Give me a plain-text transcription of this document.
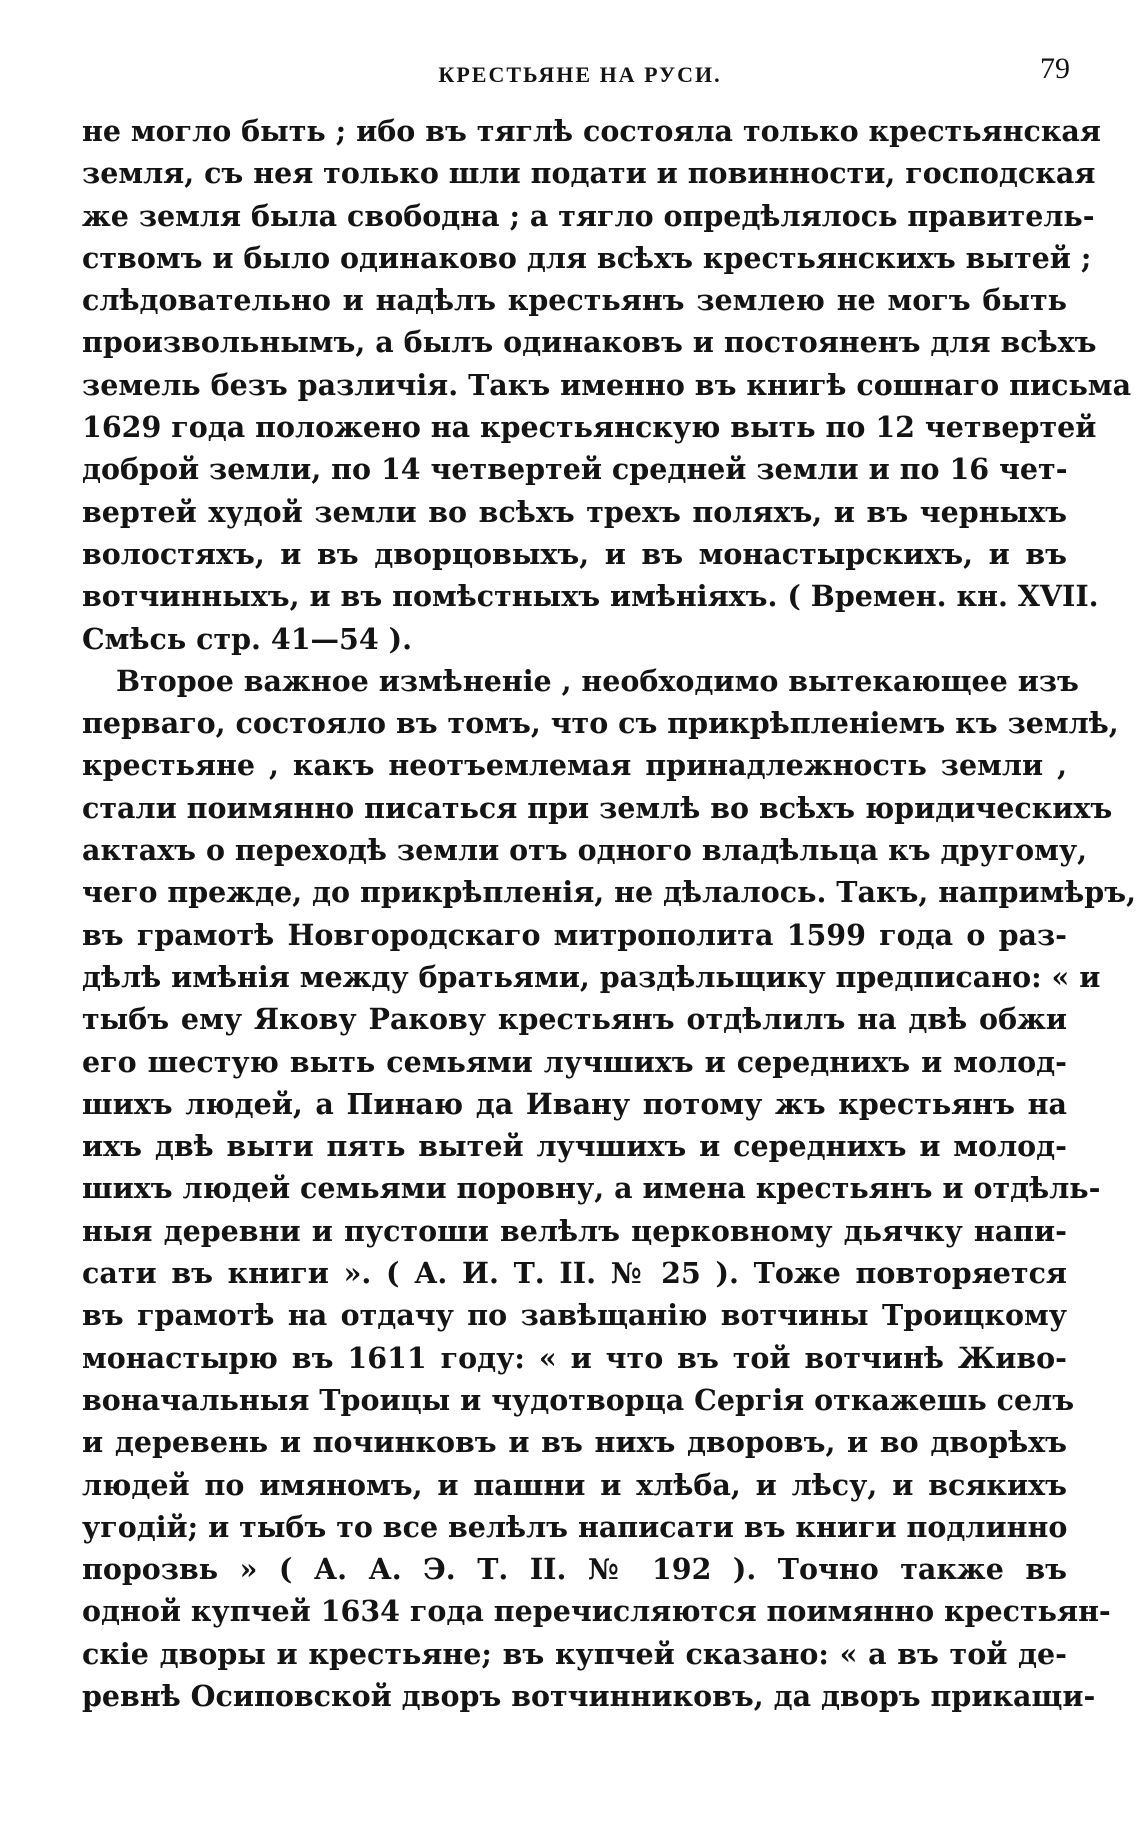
КРЕСТЬЯНЕ НА РУСИ.	79
не могло быть ; ибо въ тяглѣ состояла только крестьянская
земля, съ нея только шли подати и повинности, господская
же земля была свободна ; а тягло опредѣлялось правитель-
ствомъ и было одинаково для всѣхъ крестьянскихъ вытей ;
слѣдовательно и надѣлъ крестьянъ землею не могъ быть
произвольнымъ, а былъ одинаковъ и постояненъ для всѣхъ
земель безъ различія. Такъ именно въ книгѣ сошнаго письма
1629 года положено на крестьянскую выть по 12 четвертей
доброй земли, по 14 четвертей средней земли и по 16 чет-
вертей худой земли во всѣхъ трехъ поляхъ, и въ черныхъ
волостяхъ, и въ дворцовыхъ, и въ монастырскихъ, и въ
вотчинныхъ, и въ помѣстныхъ имѣніяхъ. ( Времен. кн. XVII.
Смѣсь стр. 41—54 ).
Второе важное измѣненіе , необходимо вытекающее изъ
перваго, состояло въ томъ, что съ прикрѣпленіемъ къ землѣ,
крестьяне , какъ неотъемлемая принадлежность земли ,
стали поимянно писаться при землѣ во всѣхъ юридическихъ
актахъ о переходѣ земли отъ одного владѣльца къ другому,
чего прежде, до прикрѣпленія, не дѣлалось. Такъ, напримѣръ,
въ грамотѣ Новгородскаго митрополита 1599 года о раз-
дѣлѣ имѣнія между братьями, раздѣльщику предписано: « и
тыбъ ему Якову Ракову крестьянъ отдѣлилъ на двѣ обжи
его шестую выть семьями лучшихъ и середнихъ и молод-
шихъ людей, а Пинаю да Ивану потому жъ крестьянъ на
ихъ двѣ выти пять вытей лучшихъ и середнихъ и молод-
шихъ людей семьями поровну, а имена крестьянъ и отдѣль-
ныя деревни и пустоши велѣлъ церковному дьячку напи-
сати въ книги ». ( А. И. Т. II. № 25 ). Тоже повторяется
въ грамотѣ на отдачу по завѣщанію вотчины Троицкому
монастырю въ 1611 году: « и что въ той вотчинѣ Живо-
воначальныя Троицы и чудотворца Сергія откажешь селъ
и деревень и починковъ и въ нихъ дворовъ, и во дворѣхъ
людей по имяномъ, и пашни и хлѣба, и лѣсу, и всякихъ
угодій; и тыбъ то все велѣлъ написати въ книги подлинно
порозвь » ( А. А. Э. Т. II. № 192 ). Точно также въ
одной купчей 1634 года перечисляются поимянно крестьян-
скіе дворы и крестьяне; въ купчей сказано: « а въ той де-
ревнѣ Осиповской дворъ вотчинниковъ, да дворъ прикащи-
